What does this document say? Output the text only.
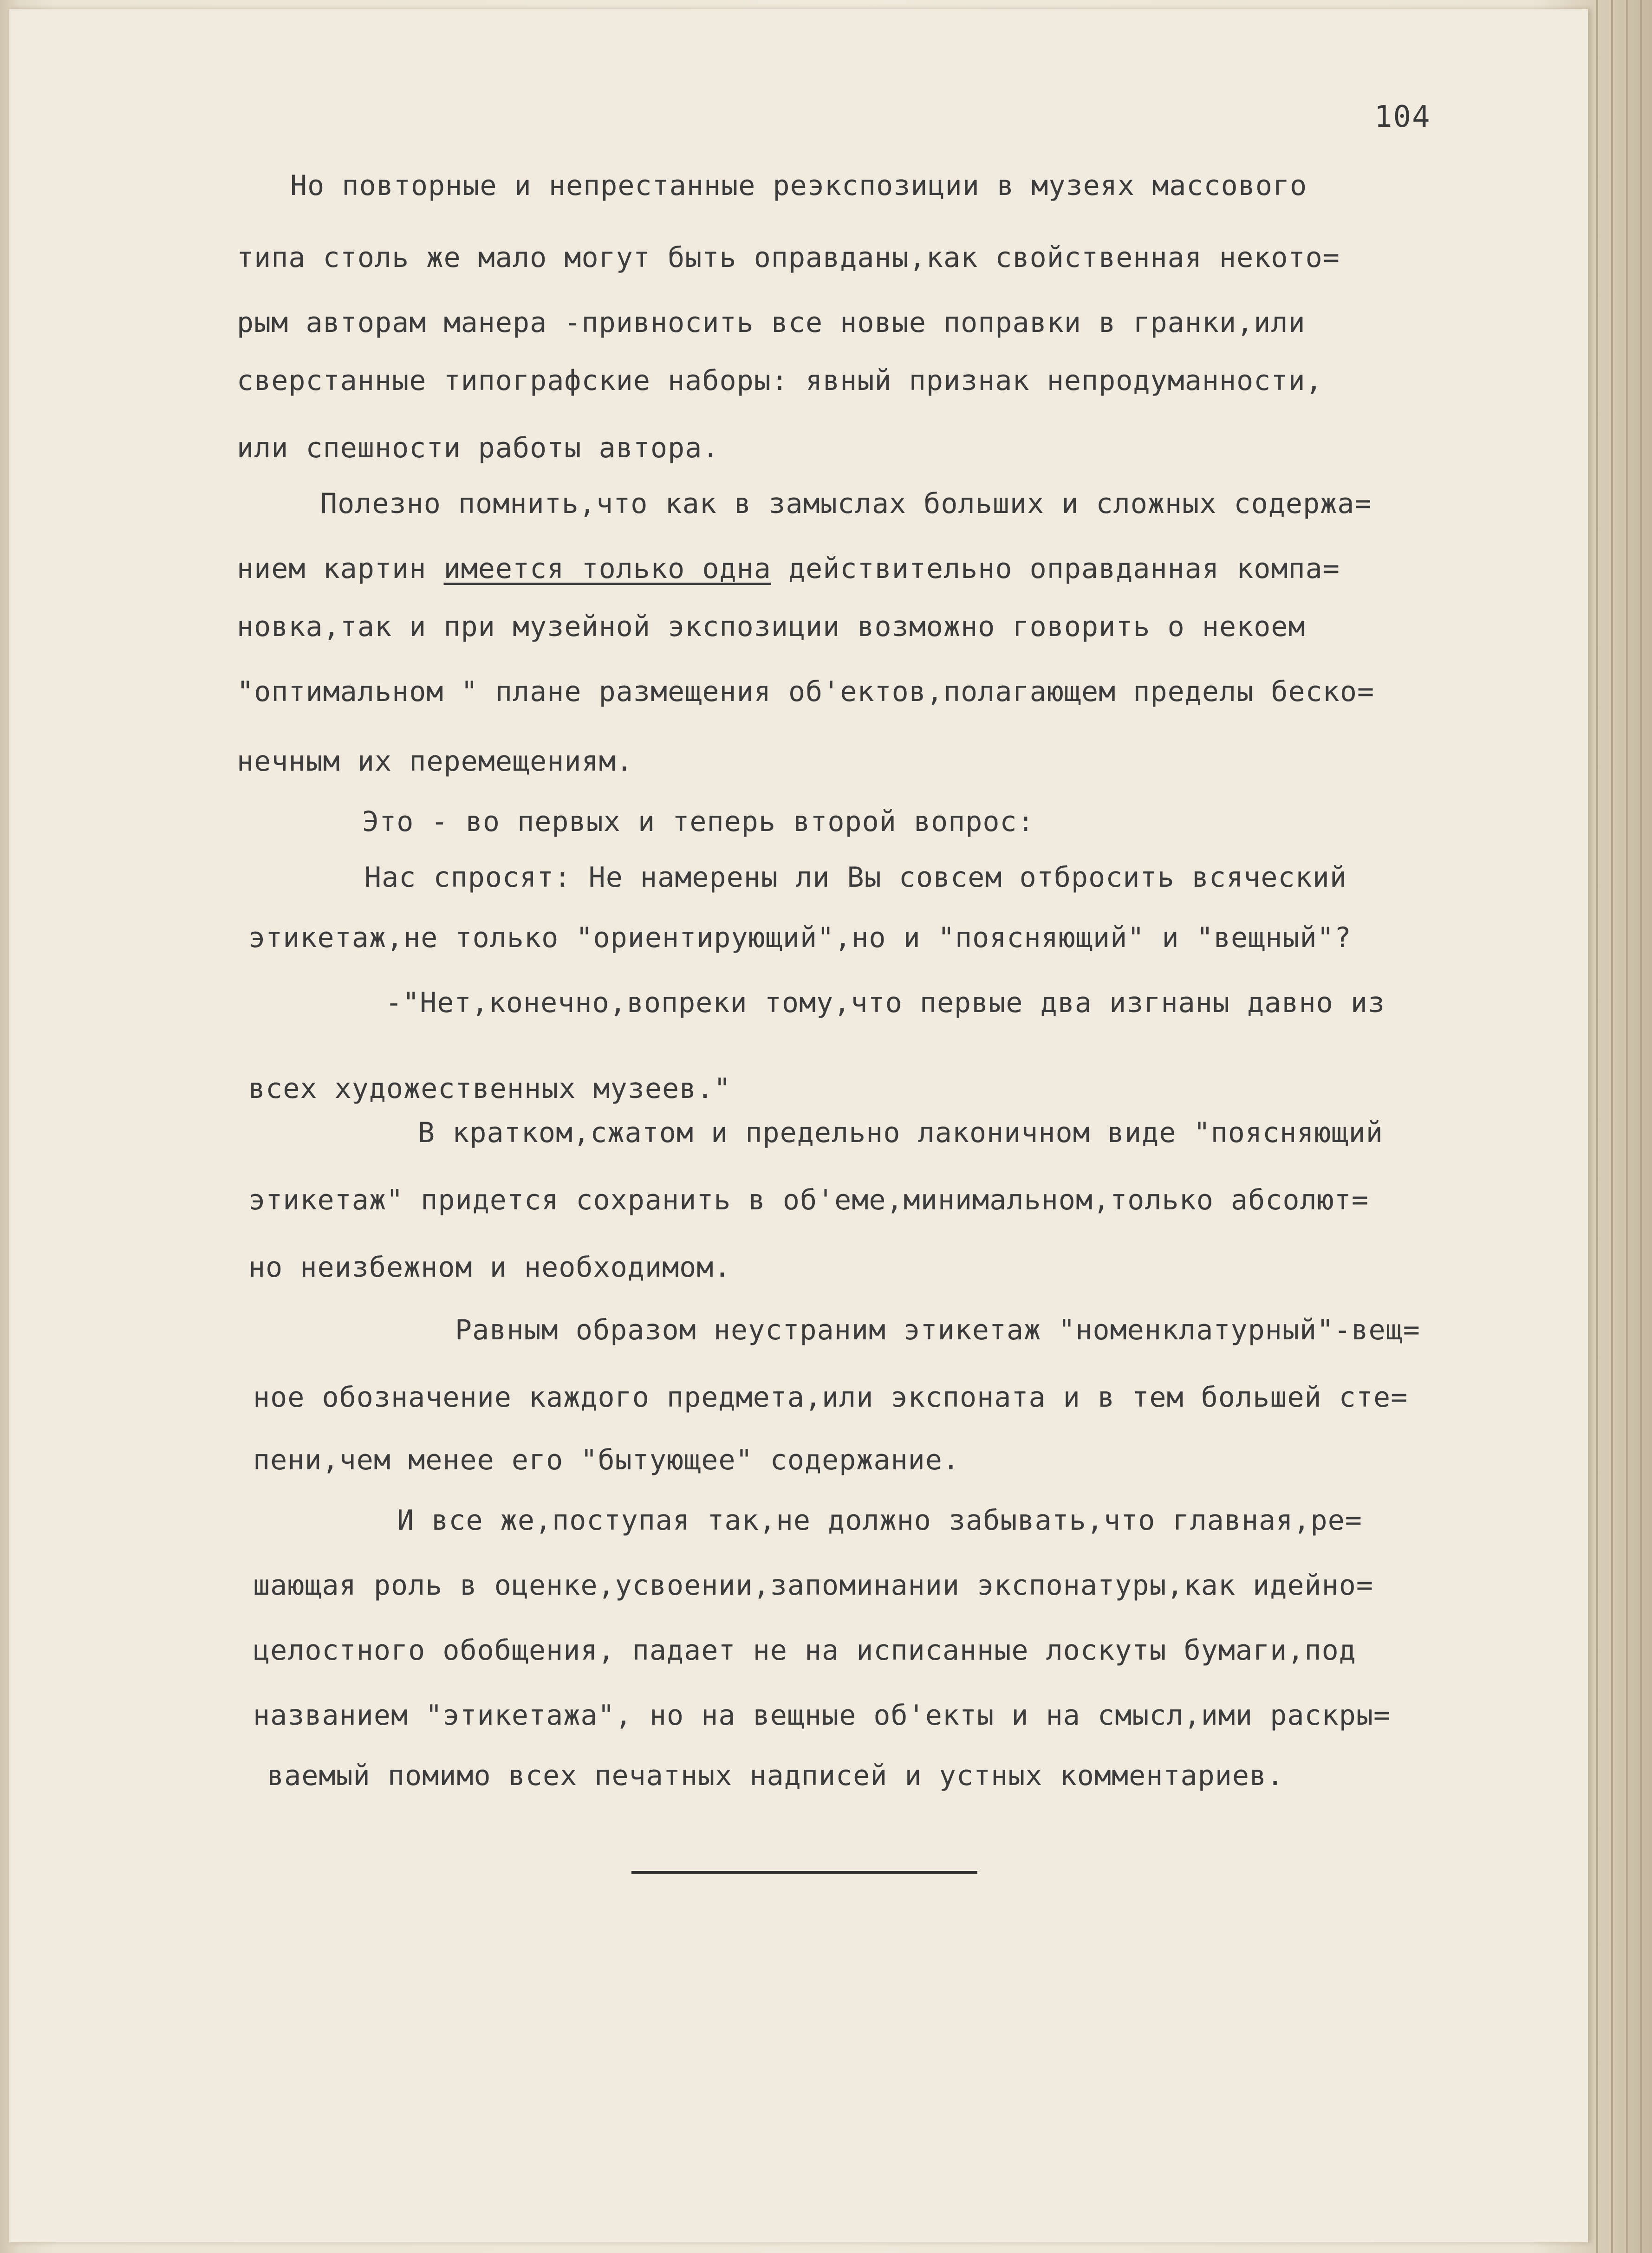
104
Но повторные и непрестанные реэкспозиции в музеях массового
типа столь же мало могут быть оправданы,как свойственная некото=
рым авторам манера -привносить все новые поправки в гранки,или
сверстанные типографские наборы: явный признак непродуманности,
или спешности работы автора.
Полезно помнить,что как в замыслах больших и сложных содержа=
нием картин имеется только одна действительно оправданная компа=
новка,так и при музейной экспозиции возможно говорить о некоем
"оптимальном " плане размещения об'ектов,полагающем пределы беско=
нечным их перемещениям.
Это - во первых и теперь второй вопрос:
Нас спросят: Не намерены ли Вы совсем отбросить всяческий
этикетаж,не только "ориентирующий",но и "поясняющий" и "вещный"?
-"Нет,конечно,вопреки тому,что первые два изгнаны давно из
всех художественных музеев."
В кратком,сжатом и предельно лаконичном виде "поясняющий
этикетаж" придется сохранить в об'еме,минимальном,только абсолют=
но неизбежном и необходимом.
Равным образом неустраним этикетаж "номенклатурный"-вещ=
ное обозначение каждого предмета,или экспоната и в тем большей сте=
пени,чем менее его "бытующее" содержание.
И все же,поступая так,не должно забывать,что главная,ре=
шающая роль в оценке,усвоении,запоминании экспонатуры,как идейно=
целостного обобщения, падает не на исписанные лоскуты бумаги,под
названием "этикетажа", но на вещные об'екты и на смысл,ими раскры=
ваемый помимо всех печатных надписей и устных комментариев.
